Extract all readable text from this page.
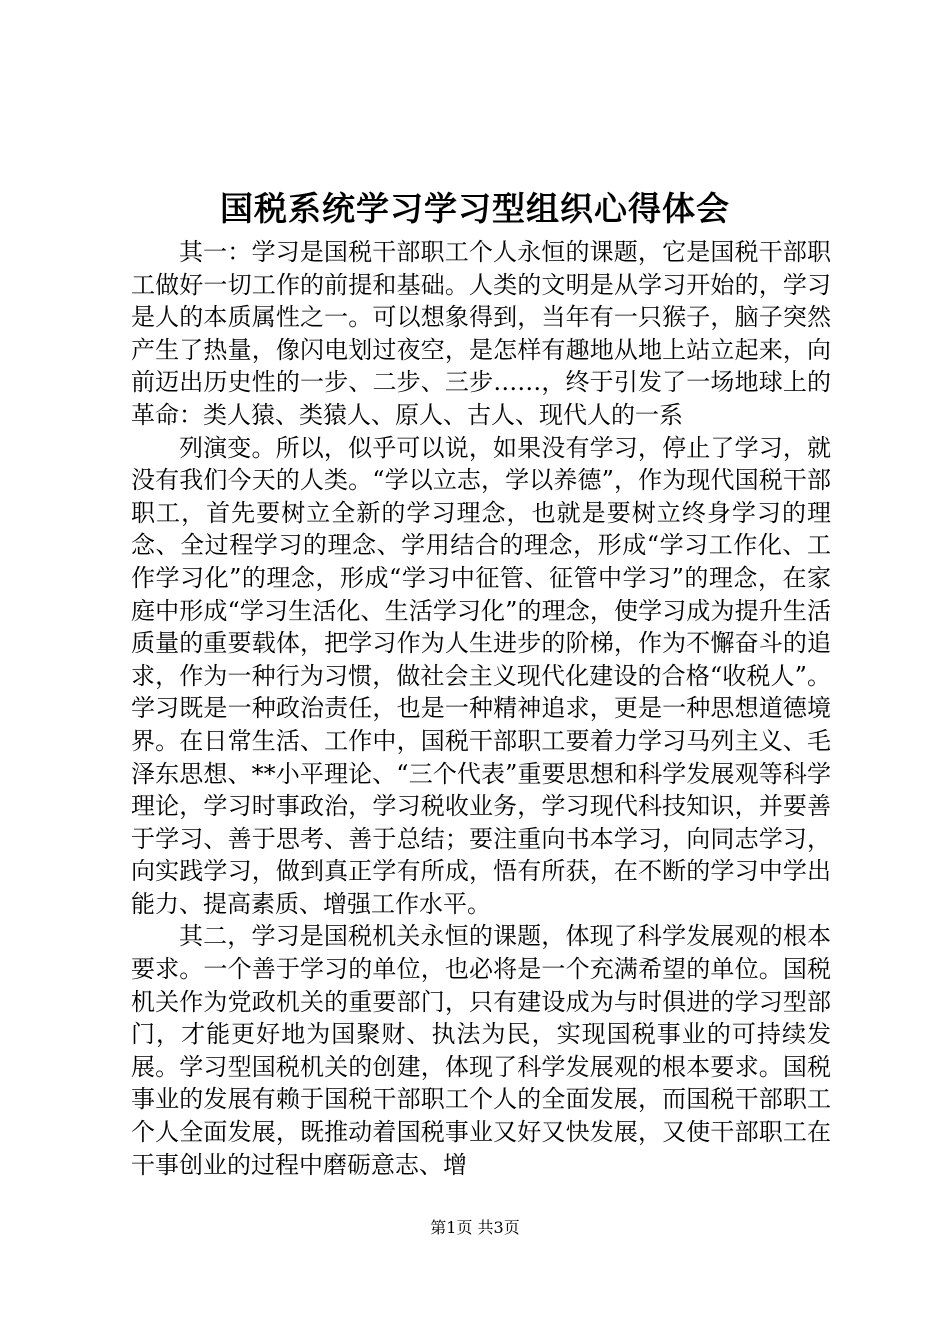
国税系统学习学习型组织心得体会

其一：学习是国税干部职工个人永恒的课题，它是国税干部职工做好一切工作的前提和基础。人类的文明是从学习开始的，学习是人的本质属性之一。可以想象得到，当年有一只猴子，脑子突然产生了热量，像闪电划过夜空，是怎样有趣地从地上站立起来，向前迈出历史性的一步、二步、三步……，终于引发了一场地球上的革命：类人猿、类猿人、原人、古人、现代人的一系

列演变。所以，似乎可以说，如果没有学习，停止了学习，就没有我们今天的人类。“学以立志，学以养德”，作为现代国税干部职工，首先要树立全新的学习理念，也就是要树立终身学习的理念、全过程学习的理念、学用结合的理念，形成“学习工作化、工作学习化”的理念，形成“学习中征管、征管中学习”的理念，在家庭中形成“学习生活化、生活学习化”的理念，使学习成为提升生活质量的重要载体，把学习作为人生进步的阶梯，作为不懈奋斗的追求，作为一种行为习惯，做社会主义现代化建设的合格“收税人”。学习既是一种政治责任，也是一种精神追求，更是一种思想道德境界。在日常生活、工作中，国税干部职工要着力学习马列主义、毛泽东思想、**小平理论、“三个代表”重要思想和科学发展观等科学理论，学习时事政治，学习税收业务，学习现代科技知识，并要善于学习、善于思考、善于总结；要注重向书本学习，向同志学习，向实践学习，做到真正学有所成，悟有所获，在不断的学习中学出能力、提高素质、增强工作水平。

其二，学习是国税机关永恒的课题，体现了科学发展观的根本要求。一个善于学习的单位，也必将是一个充满希望的单位。国税机关作为党政机关的重要部门，只有建设成为与时俱进的学习型部门，才能更好地为国聚财、执法为民，实现国税事业的可持续发展。学习型国税机关的创建，体现了科学发展观的根本要求。国税事业的发展有赖于国税干部职工个人的全面发展，而国税干部职工个人全面发展，既推动着国税事业又好又快发展，又使干部职工在干事创业的过程中磨砺意志、增

第1页 共3页
